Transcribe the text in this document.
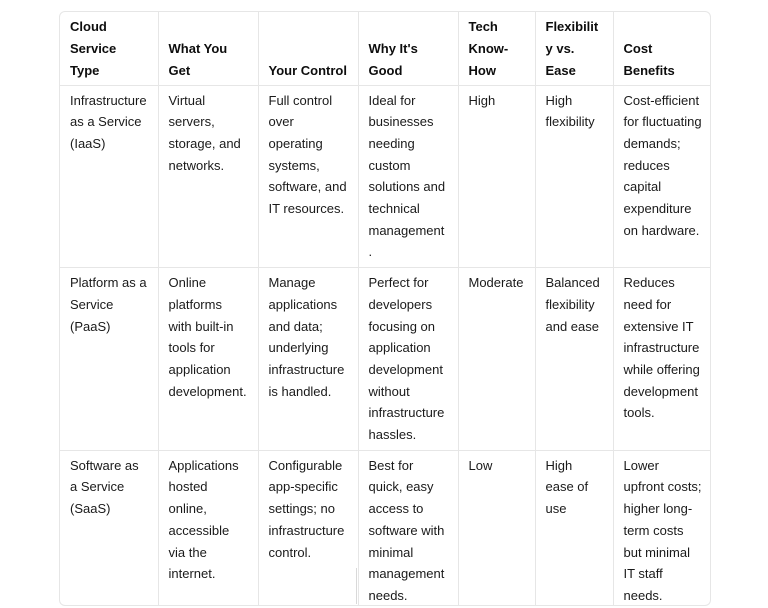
Cloud Service Type	What You Get	Your Control	Why It's Good	Tech Know-How	Flexibility vs. Ease	Cost Benefits
Infrastructure as a Service (IaaS)	Virtual servers, storage, and networks.	Full control over operating systems, software, and IT resources.	Ideal for businesses needing custom solutions and technical management.	High	High flexibility	Cost-efficient for fluctuating demands; reduces capital expenditure on hardware.
Platform as a Service (PaaS)	Online platforms with built-in tools for application development.	Manage applications and data; underlying infrastructure is handled.	Perfect for developers focusing on application development without infrastructure hassles.	Moderate	Balanced flexibility and ease	Reduces need for extensive IT infrastructure while offering development tools.
Software as a Service (SaaS)	Applications hosted online, accessible via the internet.	Configurable app-specific settings; no infrastructure control.	Best for quick, easy access to software with minimal management needs.	Low	High ease of use	Lower upfront costs; higher long-term costs but minimal IT staff needs.
